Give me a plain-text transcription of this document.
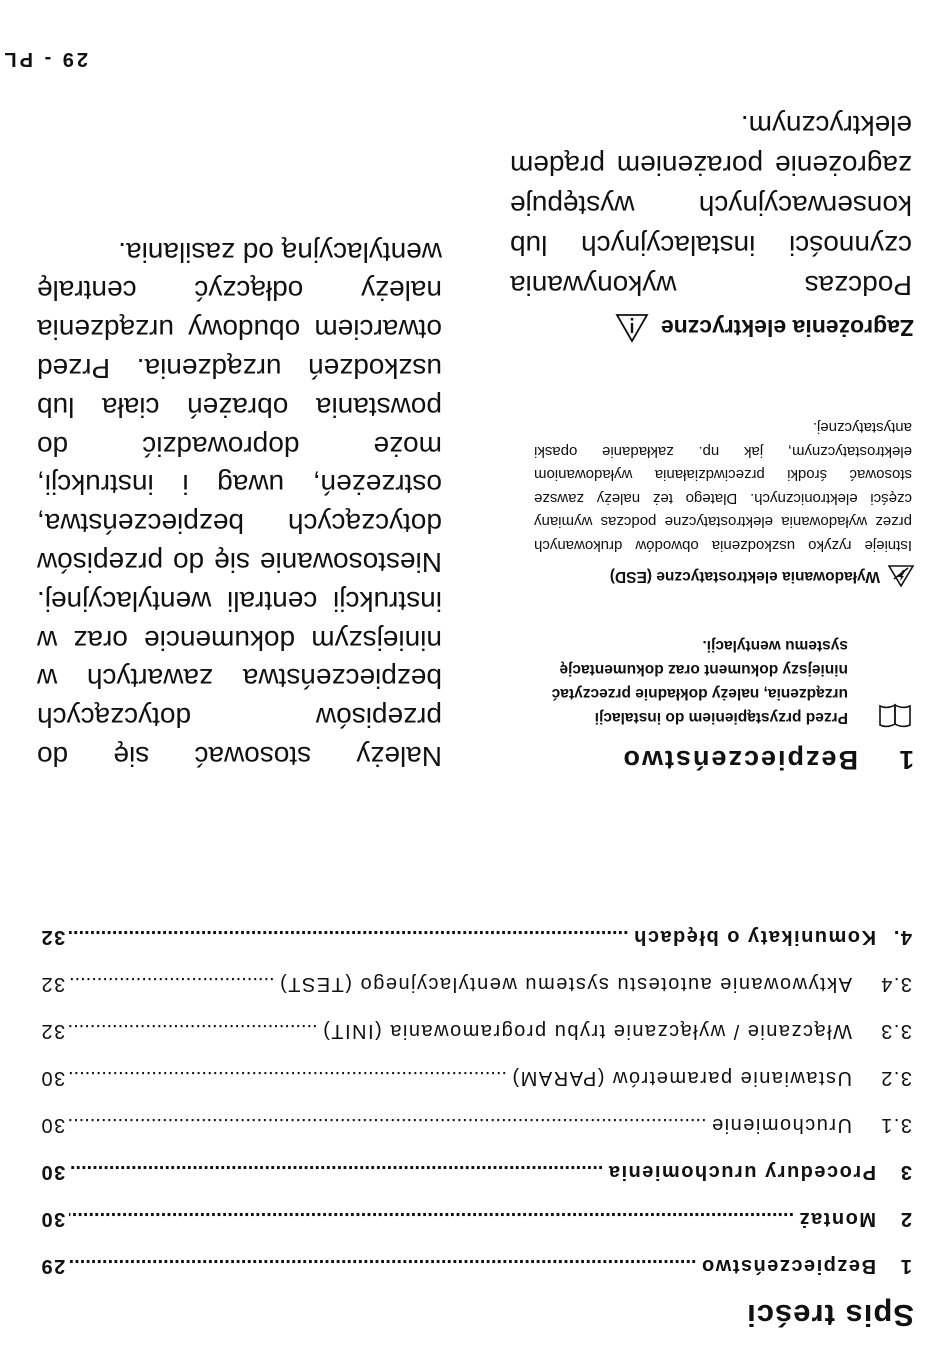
Spis treści
1
Bezpieczeństwo
.....
29
2
Montaż
.....
30
3
Procedury uruchomienia
.....
30
3.1
Uruchomienie
.....
30
3.2
Ustawianie parametrów (PARAM)
.....
30
3.3
Włączanie / wyłączanie trybu programowania (INIT)
.....
32
3.4
Aktywowanie autotestu systemu wentylacyjnego (TEST)
.....
32
4.
Komunikaty o błędach
.....
32
1
Bezpieczeństwo
Przed przystąpieniem do instalacji urządzenia, należy dokładnie przeczytać niniejszy dokument oraz dokumentację systemu wentylacji.
Wyładowania elektrostatyczne (ESD)
Istnieje ryzyko uszkodzenia obwodów drukowanych przez wyładowania elektrostatyczne podczas wymiany części elektronicznych. Dlatego też należy zawsze stosować środki przeciwdziałania wyładowaniom elektrostatycznym, jak np. zakładanie opaski antystatycznej.
Zagrożenia elektryczne
Podczas wykonywania czynności instalacyjnych lub konserwacyjnych występuje zagrożenie porażeniem prądem elektrycznym.
Należy stosować się do przepisów dotyczących bezpieczeństwa zawartych w niniejszym dokumencie oraz w instrukcji centrali wentylacyjnej. Niestosowanie się do przepisów dotyczących bezpieczeństwa, ostrzeżeń, uwag i instrukcji, może doprowadzić do powstania obrażeń ciała lub uszkodzeń urządzenia. Przed otwarciem obudowy urządzenia należy odłączyć centralę wentylacyjną od zasilania.
29 - PL
